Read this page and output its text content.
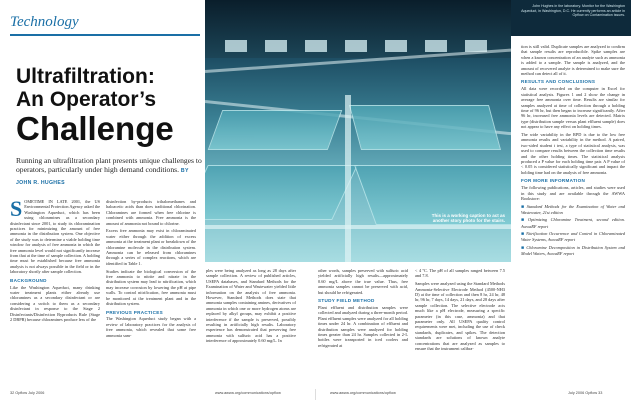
John Hughes in the laboratory. Monitor for the Washington Aqueduct, in Washington, D.C. He currently performs an article in Opflow on Contamination issues.
This is a working caption to act as another story photo for the stairs.
Technology
Ultrafiltration:
An Operator’s
Challenge
Running an ultrafiltration plant presents unique challenges to operators, particularly under high demand conditions. BY JOHN R. HUGHES

SOMETIME IN LATE 2001, the US Environmental Protection Agency asked the Washington Aqueduct, which has been using chloramines as a secondary disinfectant since 2001, to study its chloramination practices for minimizing the amount of free ammonia in the distribution system. One objective of the study was to determine a viable holding time window for analysis of free ammonia in which the free ammonia level would not significantly increase from that at the time of sample collection. A holding time must be established because free ammonia analysis is not always possible in the field or in the laboratory shortly after sample collection.

BACKGROUND

Like the Washington Aqueduct, many drinking water treatment plants either already use chloramines as a secondary disinfectant or are considering a switch to them as a secondary disinfectant in response to the Stage 2 Disinfectants/Disinfection Byproducts Rule (Stage 2 DBPR) because chloramines produce less of the

disinfection by-products trihalomethanes and haloacetic acids than does traditional chlorination. Chloramines are formed when free chlorine is combined with ammonia. Free ammonia is the amount of ammonia not bound to chlorine.

Excess free ammonia may exist in chloraminated water either through the addition of excess ammonia at the treatment plant or breakdown of the chloramine molecule in the distribution system. Ammonia can be released from chloramines through a series of complex reactions, which are identified in Table 1.

Studies indicate the biological conversion of the free ammonia to nitrite and nitrate in the distribution system may lead to nitrification, which may increase corrosion by lowering the pH at pipe walls. To control nitrification, free ammonia must be monitored at the treatment plant and in the distribution system.

PREVIOUS PRACTICES

The Washington Aqueduct study began with a review of laboratory practices for the analysis of free ammonia, which revealed that some free ammonia sam-

ples were being analyzed as long as 28 days after sample collection. A review of published articles, USEPA databases, and Standard Methods for the Examination of Water and Wastewater yielded little information on the analysis of free ammonia. However, Standard Methods does state that ammonia samples containing amines, derivatives of ammonia in which one or more hydrogen atoms are replaced by alkyl groups, may exhibit a positive interference if the sample is preserved, possibly resulting in artificially high results. Laboratory experience has demonstrated that preserving free ammonia with sulfuric acid has a positive interference of approximately 0.60 mg/L. In

other words, samples preserved with sulfuric acid yielded artificially high results—approximately 0.60 mg/L above the true value. Thus, free ammonia samples cannot be preserved with acid, but should be refrigerated.

STUDY FIELD METHOD

Plant effluent and distribution samples were collected and analyzed during a three-month period. Plant effluent samples were analyzed for all holding times under 24 hr. A combination of effluent and distribution samples were analyzed for holding times greater than 24 hr. Samples collected in 2-L bottles were transported in iced coolers and refrigerated at

< 4 ºC. The pH of all samples ranged between 7.5 and 7.8.

Samples were analyzed using the Standard Methods Ammonia-Selective Electrode Method (4500-NH3 D) at the time of collection and then 8 hr, 24 hr, 48 hr, 96 hr, 7 days, 14 days, 21 days, and 28 days after sample collection. The selective electrode acts much like a pH electrode, measuring a specific parameter (in this case, ammonia) and that parameter only. All USEPA quality control requirements were met, including the use of check standards, duplicates, and spikes. The detection standards are solutions of known analyte concentrations that are analyzed as samples to ensure that the instrument calibra-

tion is still valid. Duplicate samples are analyzed to confirm that sample results are reproducible. Spike samples are when a known concentration of an analyte such as ammonia is added to a sample. The sample is analyzed, and the amount of recovered analyte is determined to make sure the method can detect all of it.

RESULTS AND CONCLUSIONS

All data were recorded on the computer in Excel for statistical analysis. Figures 1 and 2 show the change in average free ammonia over time. Results are similar for samples analyzed at time of collection through a holding time of 96 hr, but then began to increase significantly. After 96 hr, increased free ammonia levels are detected. Matrix type (distribution sample versus plant effluent sample) does not appear to have any effect on holding times.

The wide variability in the RPD is due to the low free ammonia results and variability in the method. A paired, two-sided student t test, a type of statistical analysis, was used to compare results between the collection time results and the other holding times. The statistical analysis produced a P value for each holding time pair. A P value of < 0.05 is considered statistically significant and impact the holding time had on the analysis of free ammonia.

FOR MORE INFORMATION

The following publications, articles, and studies were used in this study and are available through the AWWA Bookstore:

■ Standard Methods for the Examination of Water and Wastewater, 21st edition
■ Optimizing Chloramine Treatment, second edition. AwwaRF report
■ Nitrification Occurrence and Control in Chloraminated Water Systems, AwwaRF report
■ Chloramine Decomposition in Distribution System and Model Waters, AwwaRF report
32 Opflow July 2006	www.awwa.org/communications/opflow	www.awwa.org/communications/opflow	July 2006 Opflow 33
